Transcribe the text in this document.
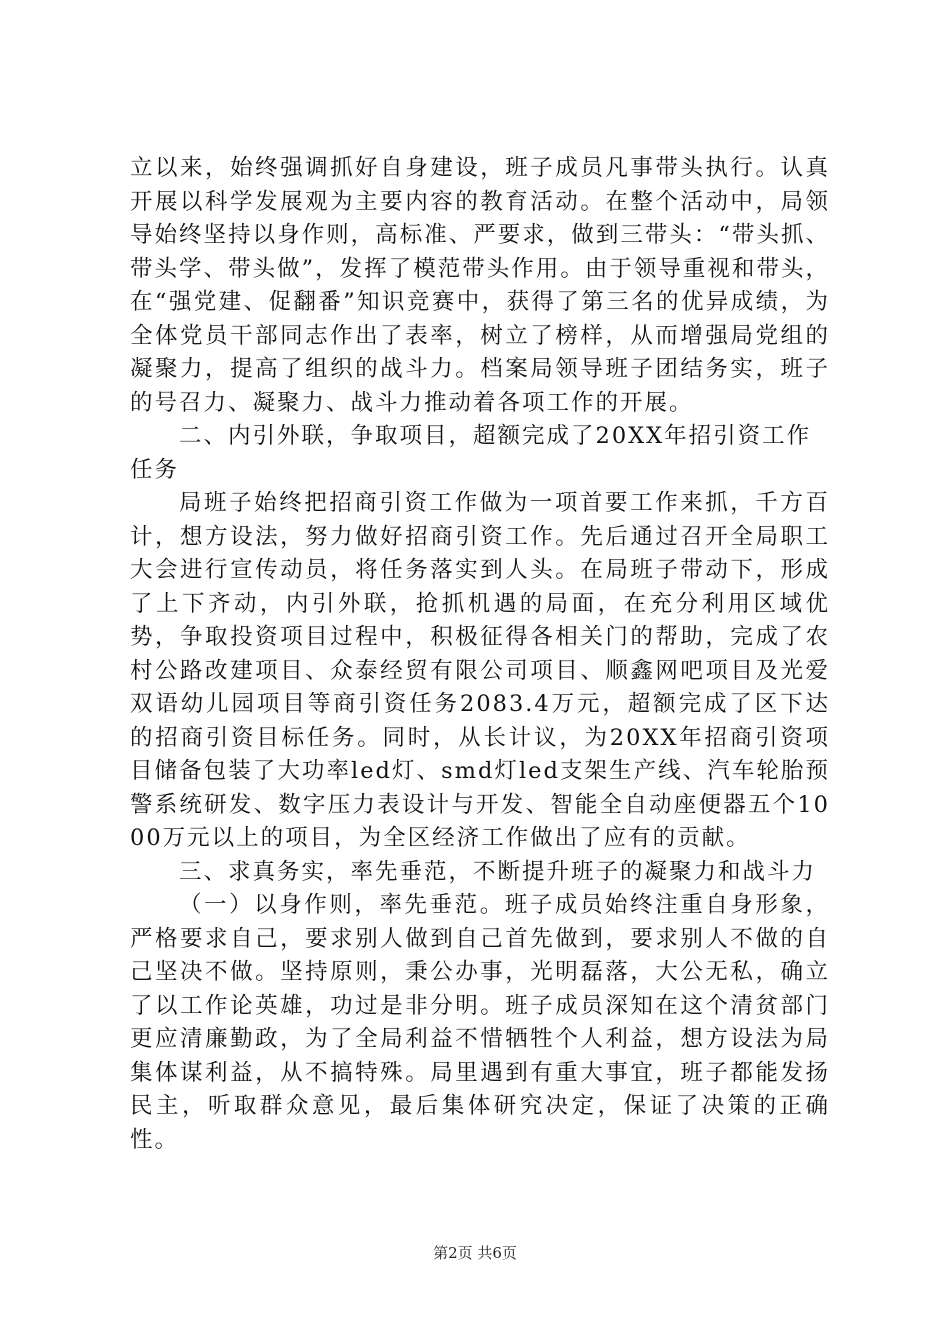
立以来，始终强调抓好自身建设，班子成员凡事带头执行。认真开展以科学发展观为主要内容的教育活动。在整个活动中，局领导始终坚持以身作则，高标准、严要求，做到三带头：“带头抓、带头学、带头做”，发挥了模范带头作用。由于领导重视和带头，在“强党建、促翻番”知识竞赛中，获得了第三名的优异成绩，为全体党员干部同志作出了表率，树立了榜样，从而增强局党组的凝聚力，提高了组织的战斗力。档案局领导班子团结务实，班子的号召力、凝聚力、战斗力推动着各项工作的开展。

二、内引外联，争取项目，超额完成了20XX年招引资工作任务

局班子始终把招商引资工作做为一项首要工作来抓，千方百计，想方设法，努力做好招商引资工作。先后通过召开全局职工大会进行宣传动员，将任务落实到人头。在局班子带动下，形成了上下齐动，内引外联，抢抓机遇的局面，在充分利用区域优势，争取投资项目过程中，积极征得各相关门的帮助，完成了农村公路改建项目、众泰经贸有限公司项目、顺鑫网吧项目及光爱双语幼儿园项目等商引资任务2083.4万元，超额完成了区下达的招商引资目标任务。同时，从长计议，为20XX年招商引资项目储备包装了大功率led灯、smd灯led支架生产线、汽车轮胎预警系统研发、数字压力表设计与开发、智能全自动座便器五个1000万元以上的项目，为全区经济工作做出了应有的贡献。

三、求真务实，率先垂范，不断提升班子的凝聚力和战斗力

（一）以身作则，率先垂范。班子成员始终注重自身形象，严格要求自己，要求别人做到自己首先做到，要求别人不做的自己坚决不做。坚持原则，秉公办事，光明磊落，大公无私，确立了以工作论英雄，功过是非分明。班子成员深知在这个清贫部门更应清廉勤政，为了全局利益不惜牺牲个人利益，想方设法为局集体谋利益，从不搞特殊。局里遇到有重大事宜，班子都能发扬民主，听取群众意见，最后集体研究决定，保证了决策的正确性。

第2页 共6页
